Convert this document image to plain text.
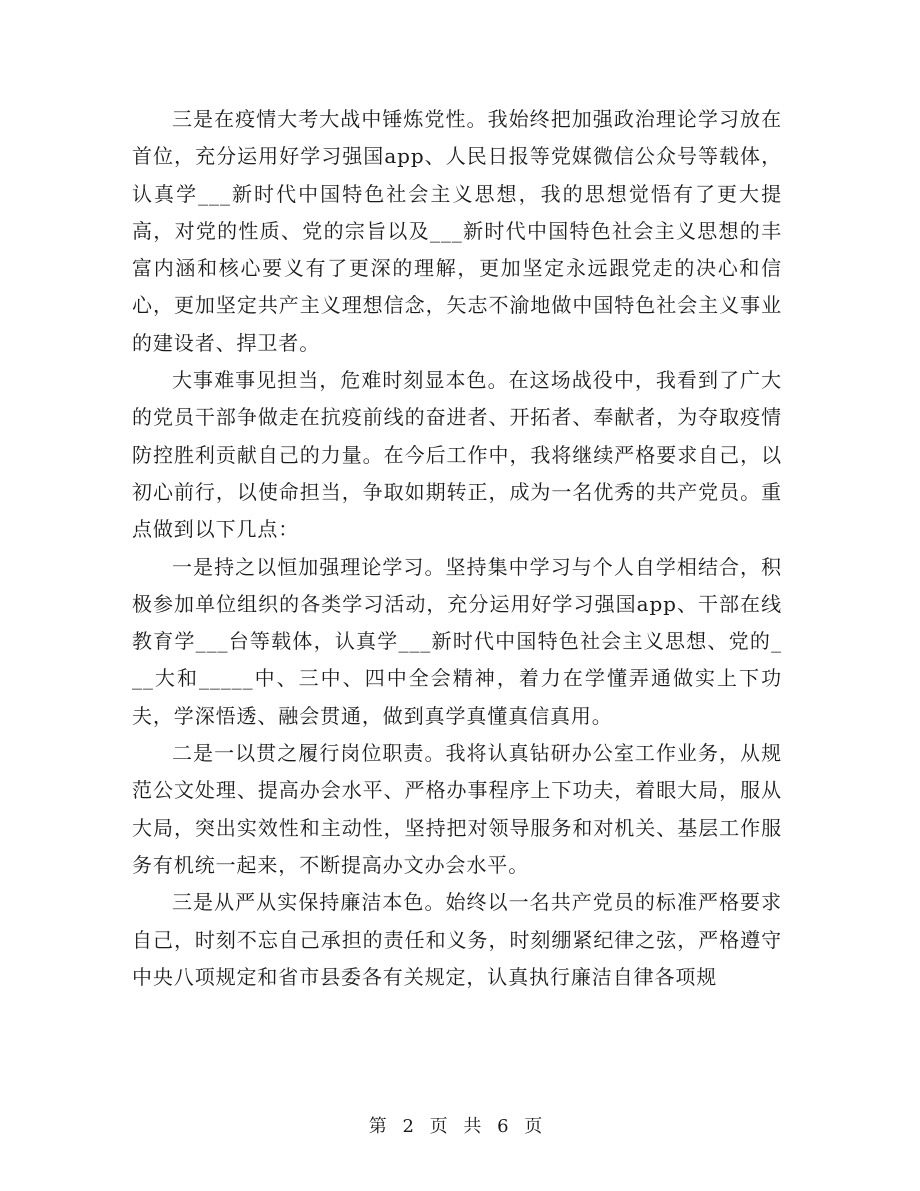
三是在疫情大考大战中锤炼党性。我始终把加强政治理论学习放在首位，充分运用好学习强国app、人民日报等党媒微信公众号等载体，认真学___新时代中国特色社会主义思想，我的思想觉悟有了更大提高，对党的性质、党的宗旨以及___新时代中国特色社会主义思想的丰富内涵和核心要义有了更深的理解，更加坚定永远跟党走的决心和信心，更加坚定共产主义理想信念，矢志不渝地做中国特色社会主义事业的建设者、捍卫者。

大事难事见担当，危难时刻显本色。在这场战役中，我看到了广大的党员干部争做走在抗疫前线的奋进者、开拓者、奉献者，为夺取疫情防控胜利贡献自己的力量。在今后工作中，我将继续严格要求自己，以初心前行，以使命担当，争取如期转正，成为一名优秀的共产党员。重点做到以下几点：

一是持之以恒加强理论学习。坚持集中学习与个人自学相结合，积极参加单位组织的各类学习活动，充分运用好学习强国app、干部在线教育学___台等载体，认真学___新时代中国特色社会主义思想、党的___大和_____中、三中、四中全会精神，着力在学懂弄通做实上下功夫，学深悟透、融会贯通，做到真学真懂真信真用。

二是一以贯之履行岗位职责。我将认真钻研办公室工作业务，从规范公文处理、提高办会水平、严格办事程序上下功夫，着眼大局，服从大局，突出实效性和主动性，坚持把对领导服务和对机关、基层工作服务有机统一起来，不断提高办文办会水平。

三是从严从实保持廉洁本色。始终以一名共产党员的标准严格要求自己，时刻不忘自己承担的责任和义务，时刻绷紧纪律之弦，严格遵守中央八项规定和省市县委各有关规定，认真执行廉洁自律各项规

第 2 页 共 6 页
